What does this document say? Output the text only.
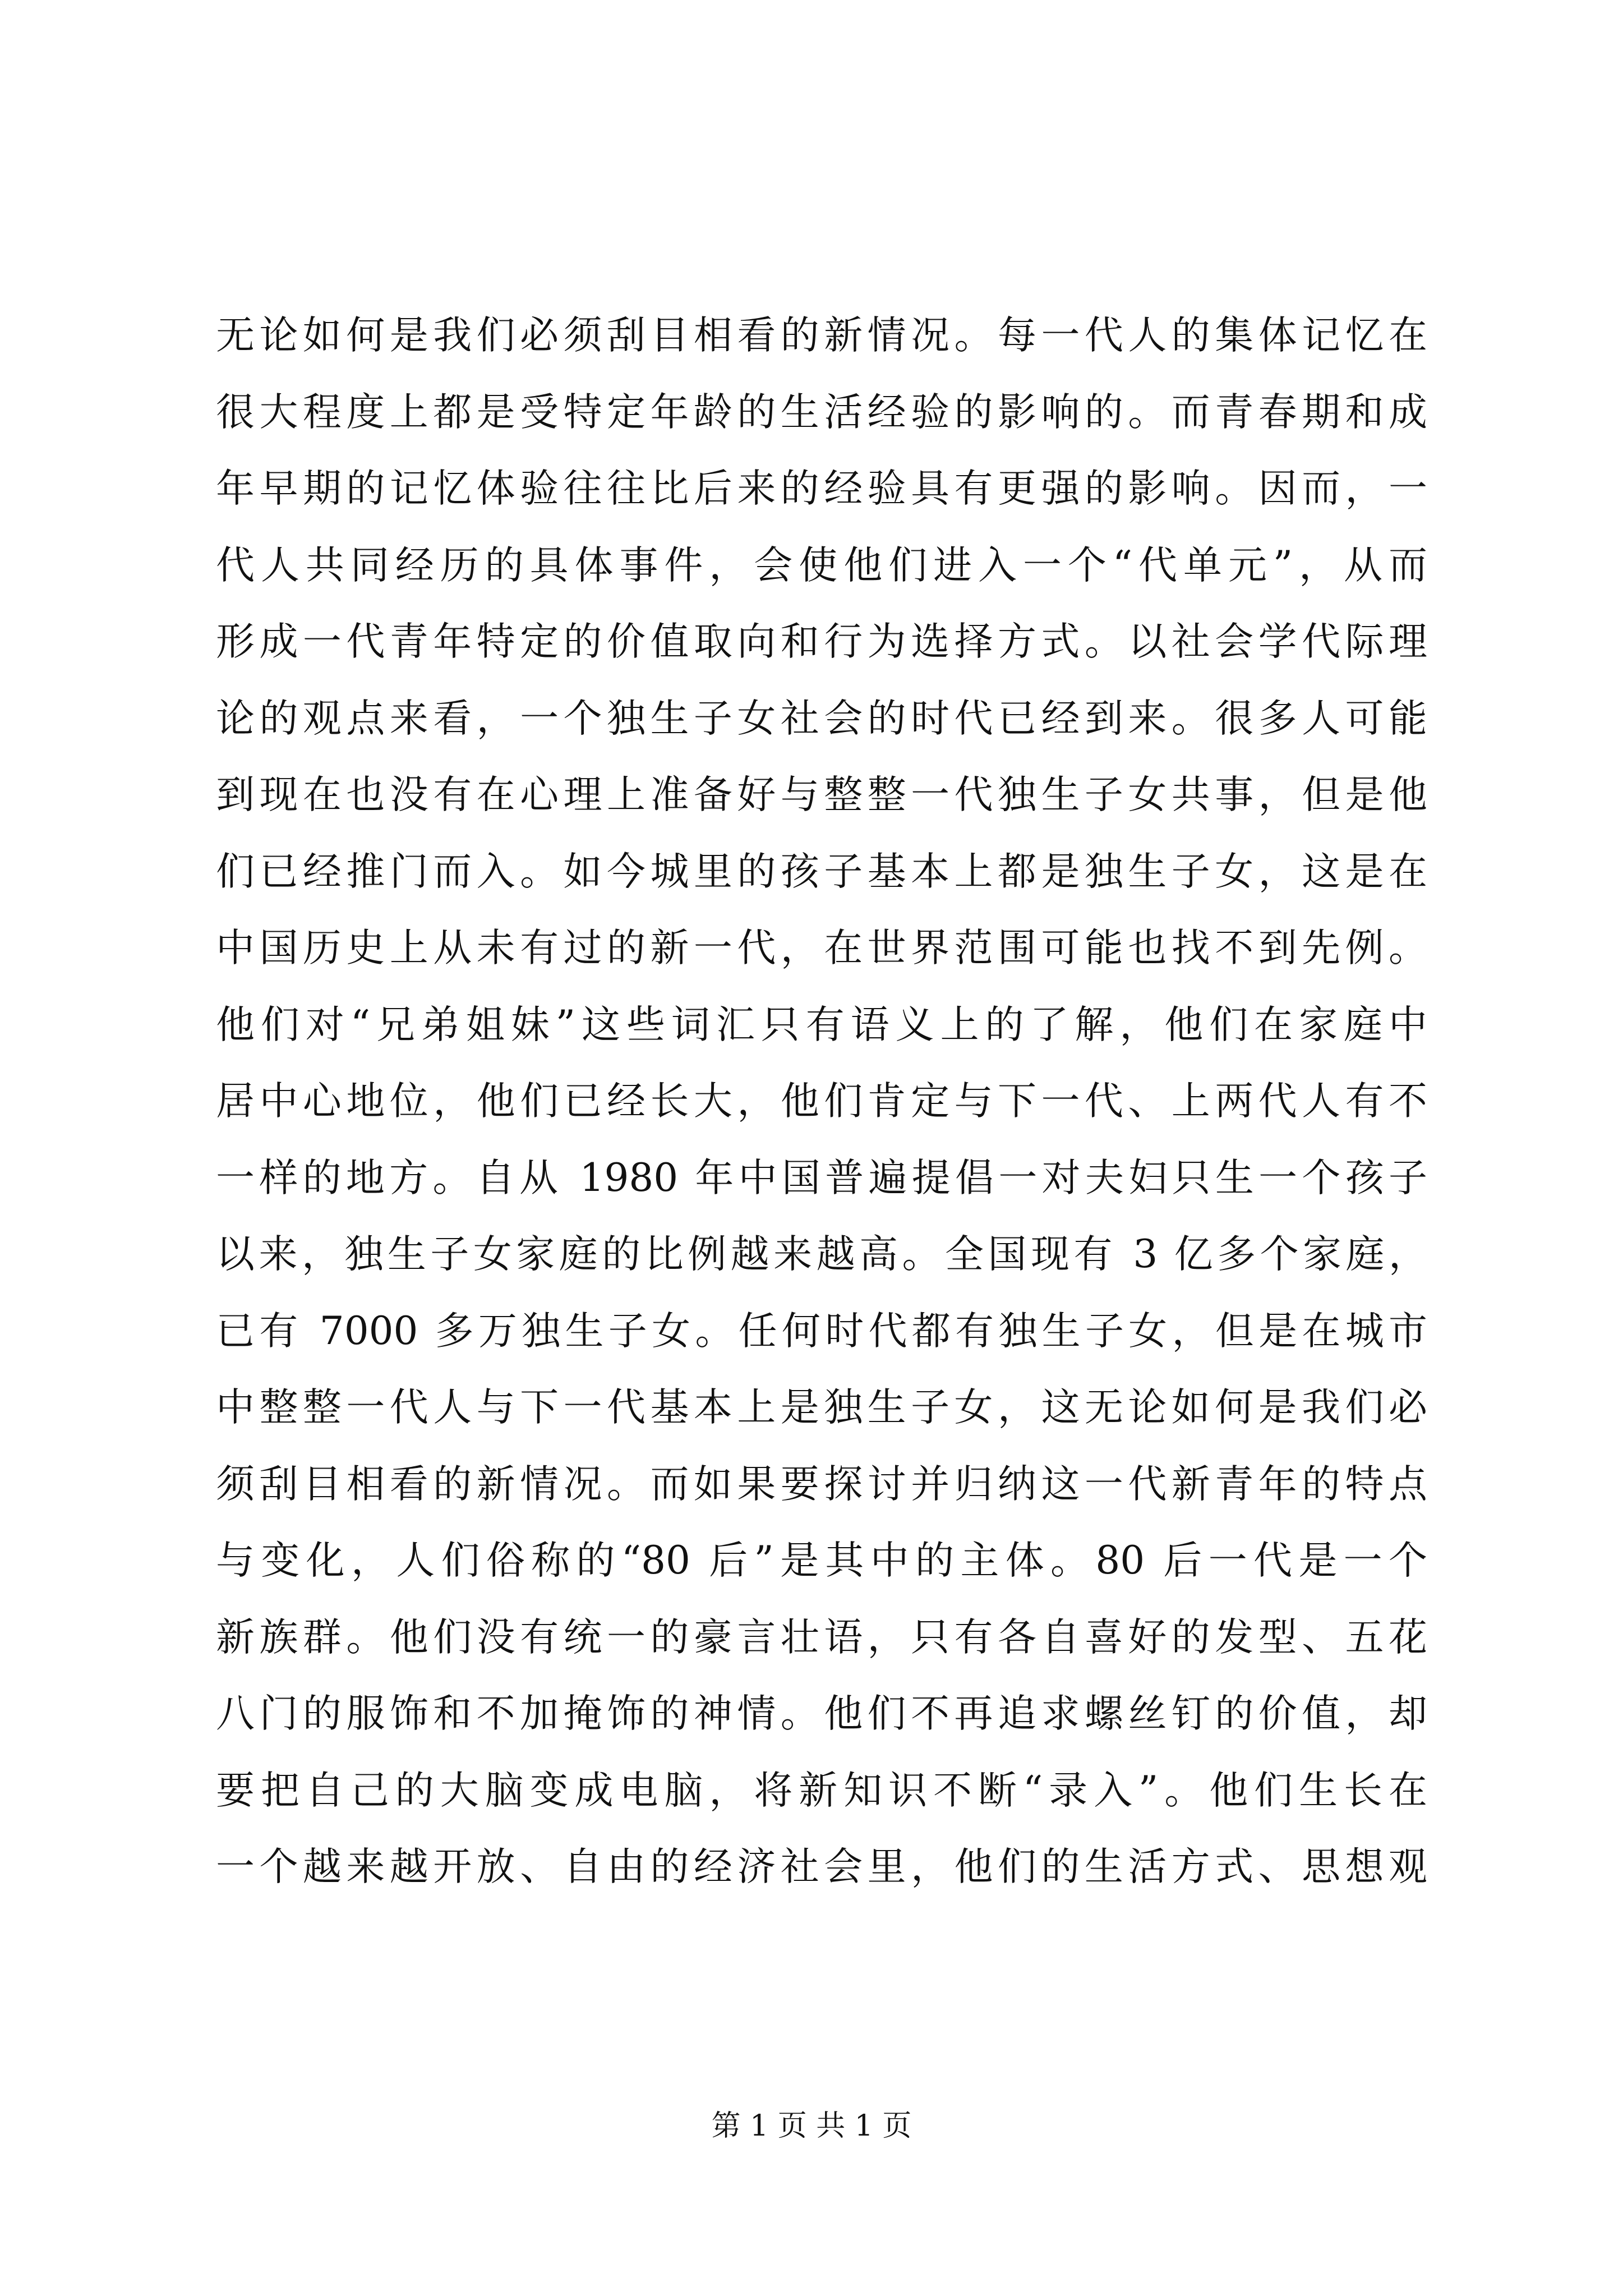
无论如何是我们必须刮目相看的新情况。每一代人的集体记忆在
很大程度上都是受特定年龄的生活经验的影响的。而青春期和成
年早期的记忆体验往往比后来的经验具有更强的影响。因而，一
代人共同经历的具体事件，会使他们进入一个“代单元”，从而
形成一代青年特定的价值取向和行为选择方式。以社会学代际理
论的观点来看，一个独生子女社会的时代已经到来。很多人可能
到现在也没有在心理上准备好与整整一代独生子女共事，但是他
们已经推门而入。如今城里的孩子基本上都是独生子女，这是在
中国历史上从未有过的新一代，在世界范围可能也找不到先例。
他们对“兄弟姐妹”这些词汇只有语义上的了解，他们在家庭中
居中心地位，他们已经长大，他们肯定与下一代、上两代人有不
一样的地方。自从 1980 年中国普遍提倡一对夫妇只生一个孩子
以来，独生子女家庭的比例越来越高。全国现有 3 亿多个家庭，
已有 7000 多万独生子女。任何时代都有独生子女，但是在城市
中整整一代人与下一代基本上是独生子女，这无论如何是我们必
须刮目相看的新情况。而如果要探讨并归纳这一代新青年的特点
与变化，人们俗称的“80 后”是其中的主体。80 后一代是一个
新族群。他们没有统一的豪言壮语，只有各自喜好的发型、五花
八门的服饰和不加掩饰的神情。他们不再追求螺丝钉的价值，却
要把自己的大脑变成电脑，将新知识不断“录入”。他们生长在
一个越来越开放、自由的经济社会里，他们的生活方式、思想观
第 1 页 共 1 页
